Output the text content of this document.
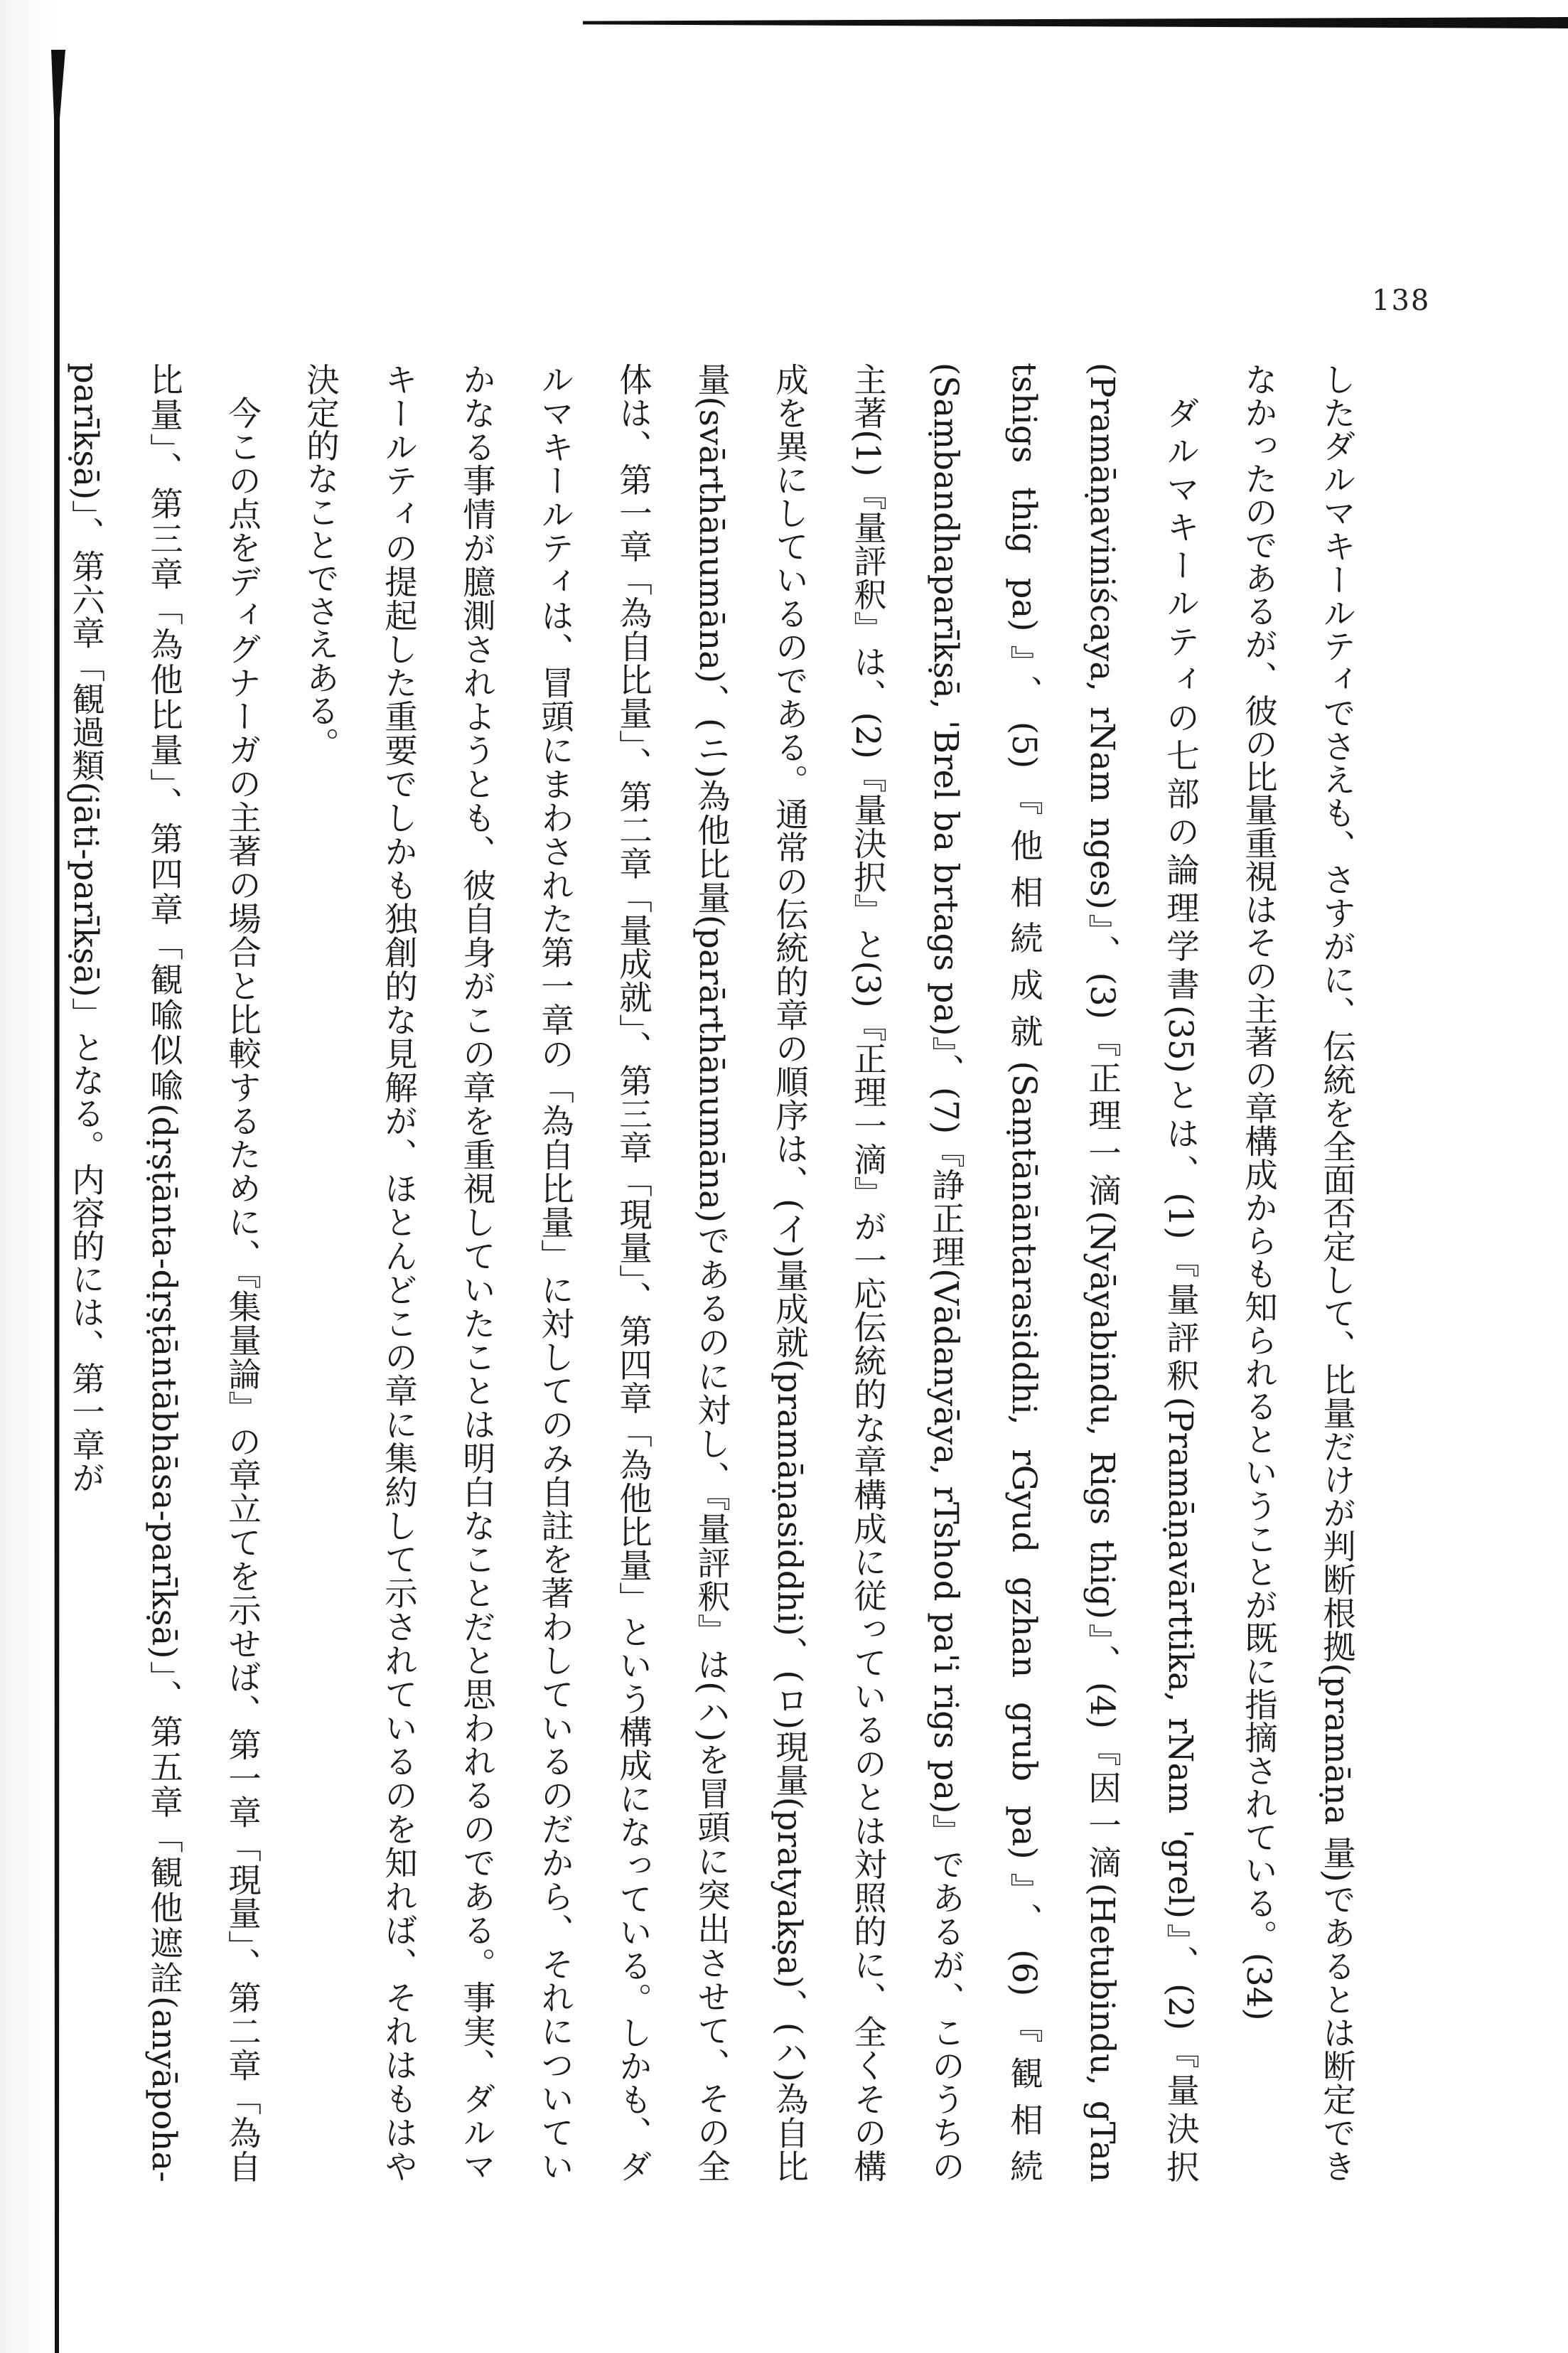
138

したダルマキールティでさえも、さすがに、伝統を全面否定して、比量だけが判断根拠(pramāṇa 量)であるとは断定できなかったのであるが、彼の比量重視はその主著の章構成からも知られるということが既に指摘されている。(34)

ダルマキールティの七部の論理学書(35)とは、(1)『量評釈(Pramāṇavārttika, rNam 'grel)』、(2)『量決択(Pramāṇaviniścaya, rNam nges)』、(3)『正理一滴(Nyāyabindu, Rigs thig)』、(4)『因一滴(Hetubindu, gTan tshigs thig pa)』、(5)『他相続成就(Saṃtānāntarasiddhi, rGyud gzhan grub pa)』、(6)『観相続(Saṃbandhaparīkṣā, 'Brel ba brtags pa)』、(7)『諍正理(Vādanyāya, rTshod pa'i rigs pa)』であるが、このうちの主著(1)『量評釈』は、(2)『量決択』と(3)『正理一滴』が一応伝統的な章構成に従っているのとは対照的に、全くその構成を異にしているのである。通常の伝統的章の順序は、(イ)量成就(pramāṇasiddhi)、(ロ)現量(pratyakṣa)、(ハ)為自比量(svārthānumāna)、(ニ)為他比量(parārthānumāna)であるのに対し、『量評釈』は(ハ)を冒頭に突出させて、その全体は、第一章「為自比量」、第二章「量成就」、第三章「現量」、第四章「為他比量」という構成になっている。しかも、ダルマキールティは、冒頭にまわされた第一章の「為自比量」に対してのみ自註を著わしているのだから、それについていかなる事情が臆測されようとも、彼自身がこの章を重視していたことは明白なことだと思われるのである。事実、ダルマキールティの提起した重要でしかも独創的な見解が、ほとんどこの章に集約して示されているのを知れば、それはもはや決定的なことでさえある。

今この点をディグナーガの主著の場合と比較するために、『集量論』の章立てを示せば、第一章「現量」、第二章「為自比量」、第三章「為他比量」、第四章「観喩似喩(dṛṣṭānta-dṛṣṭāntābhāsa-parīkṣā)」、第五章「観他遮詮(anyāpoha-parīkṣā)」、第六章「観過類(jāti-parīkṣā)」となる。内容的には、第一章が
